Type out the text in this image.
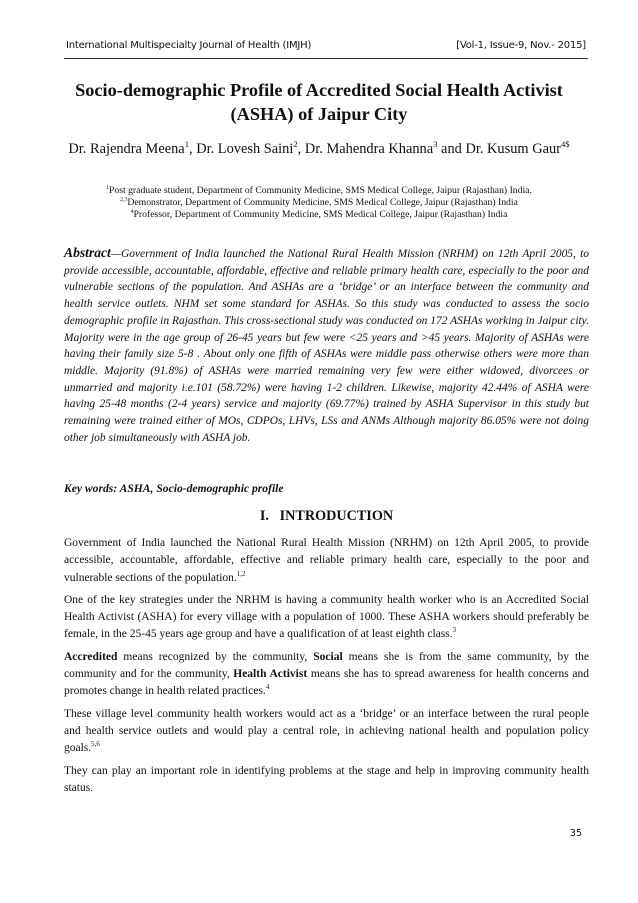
International Multispecialty Journal of Health (IMJH)	[Vol-1, Issue-9, Nov.- 2015]
Socio-demographic Profile of Accredited Social Health Activist
(ASHA) of Jaipur City
Dr. Rajendra Meena$^1$, Dr. Lovesh Saini$^2$, Dr. Mahendra Khanna$^3$ and Dr. Kusum Gaur$^{4\$}$
$^1$Post graduate student, Department of Community Medicine, SMS Medical College, Jaipur (Rajasthan) India.
$^{2,3}$Demonstrator, Department of Community Medicine, SMS Medical College, Jaipur (Rajasthan) India
$^4$Professor, Department of Community Medicine, SMS Medical College, Jaipur (Rajasthan) India
Abstract—Government of India launched the National Rural Health Mission (NRHM) on 12th April 2005, to provide accessible, accountable, affordable, effective and reliable primary health care, especially to the poor and vulnerable sections of the population. And ASHAs are a ‘bridge’ or an interface between the community and health service outlets. NHM set some standard for ASHAs. So this study was conducted to assess the socio demographic profile in Rajasthan. This cross-sectional study was conducted on 172 ASHAs working in Jaipur city. Majority were in the age group of 26-45 years but few were <25 years and >45 years. Majority of ASHAs were having their family size 5-8 . About only one fifth of ASHAs were middle pass otherwise others were more than middle. Majority (91.8%) of ASHAs were married remaining very few were either widowed, divorcees or unmarried and majority i.e.101 (58.72%) were having 1-2 children. Likewise, majority 42.44% of ASHA were having 25-48 months (2-4 years) service and majority (69.77%) trained by ASHA Supervisor in this study but remaining were trained either of MOs, CDPOs, LHVs, LSs and ANMs Although majority 86.05% were not doing other job simultaneously with ASHA job.
Key words: ASHA, Socio-demographic profile
I. INTRODUCTION

Government of India launched the National Rural Health Mission (NRHM) on 12th April 2005, to provide accessible, accountable, affordable, effective and reliable primary health care, especially to the poor and vulnerable sections of the population.$^{1,2}$

One of the key strategies under the NRHM is having a community health worker who is an Accredited Social Health Activist (ASHA) for every village with a population of 1000. These ASHA workers should preferably be female, in the 25-45 years age group and have a qualification of at least eighth class.$^3$

Accredited means recognized by the community, Social means she is from the same community, by the community and for the community, Health Activist means she has to spread awareness for health concerns and promotes change in health related practices.$^4$

These village level community health workers would act as a ‘bridge’ or an interface between the rural people and health service outlets and would play a central role, in achieving national health and population policy goals.$^{5,6}$

They can play an important role in identifying problems at the stage and help in improving community health status.

35
